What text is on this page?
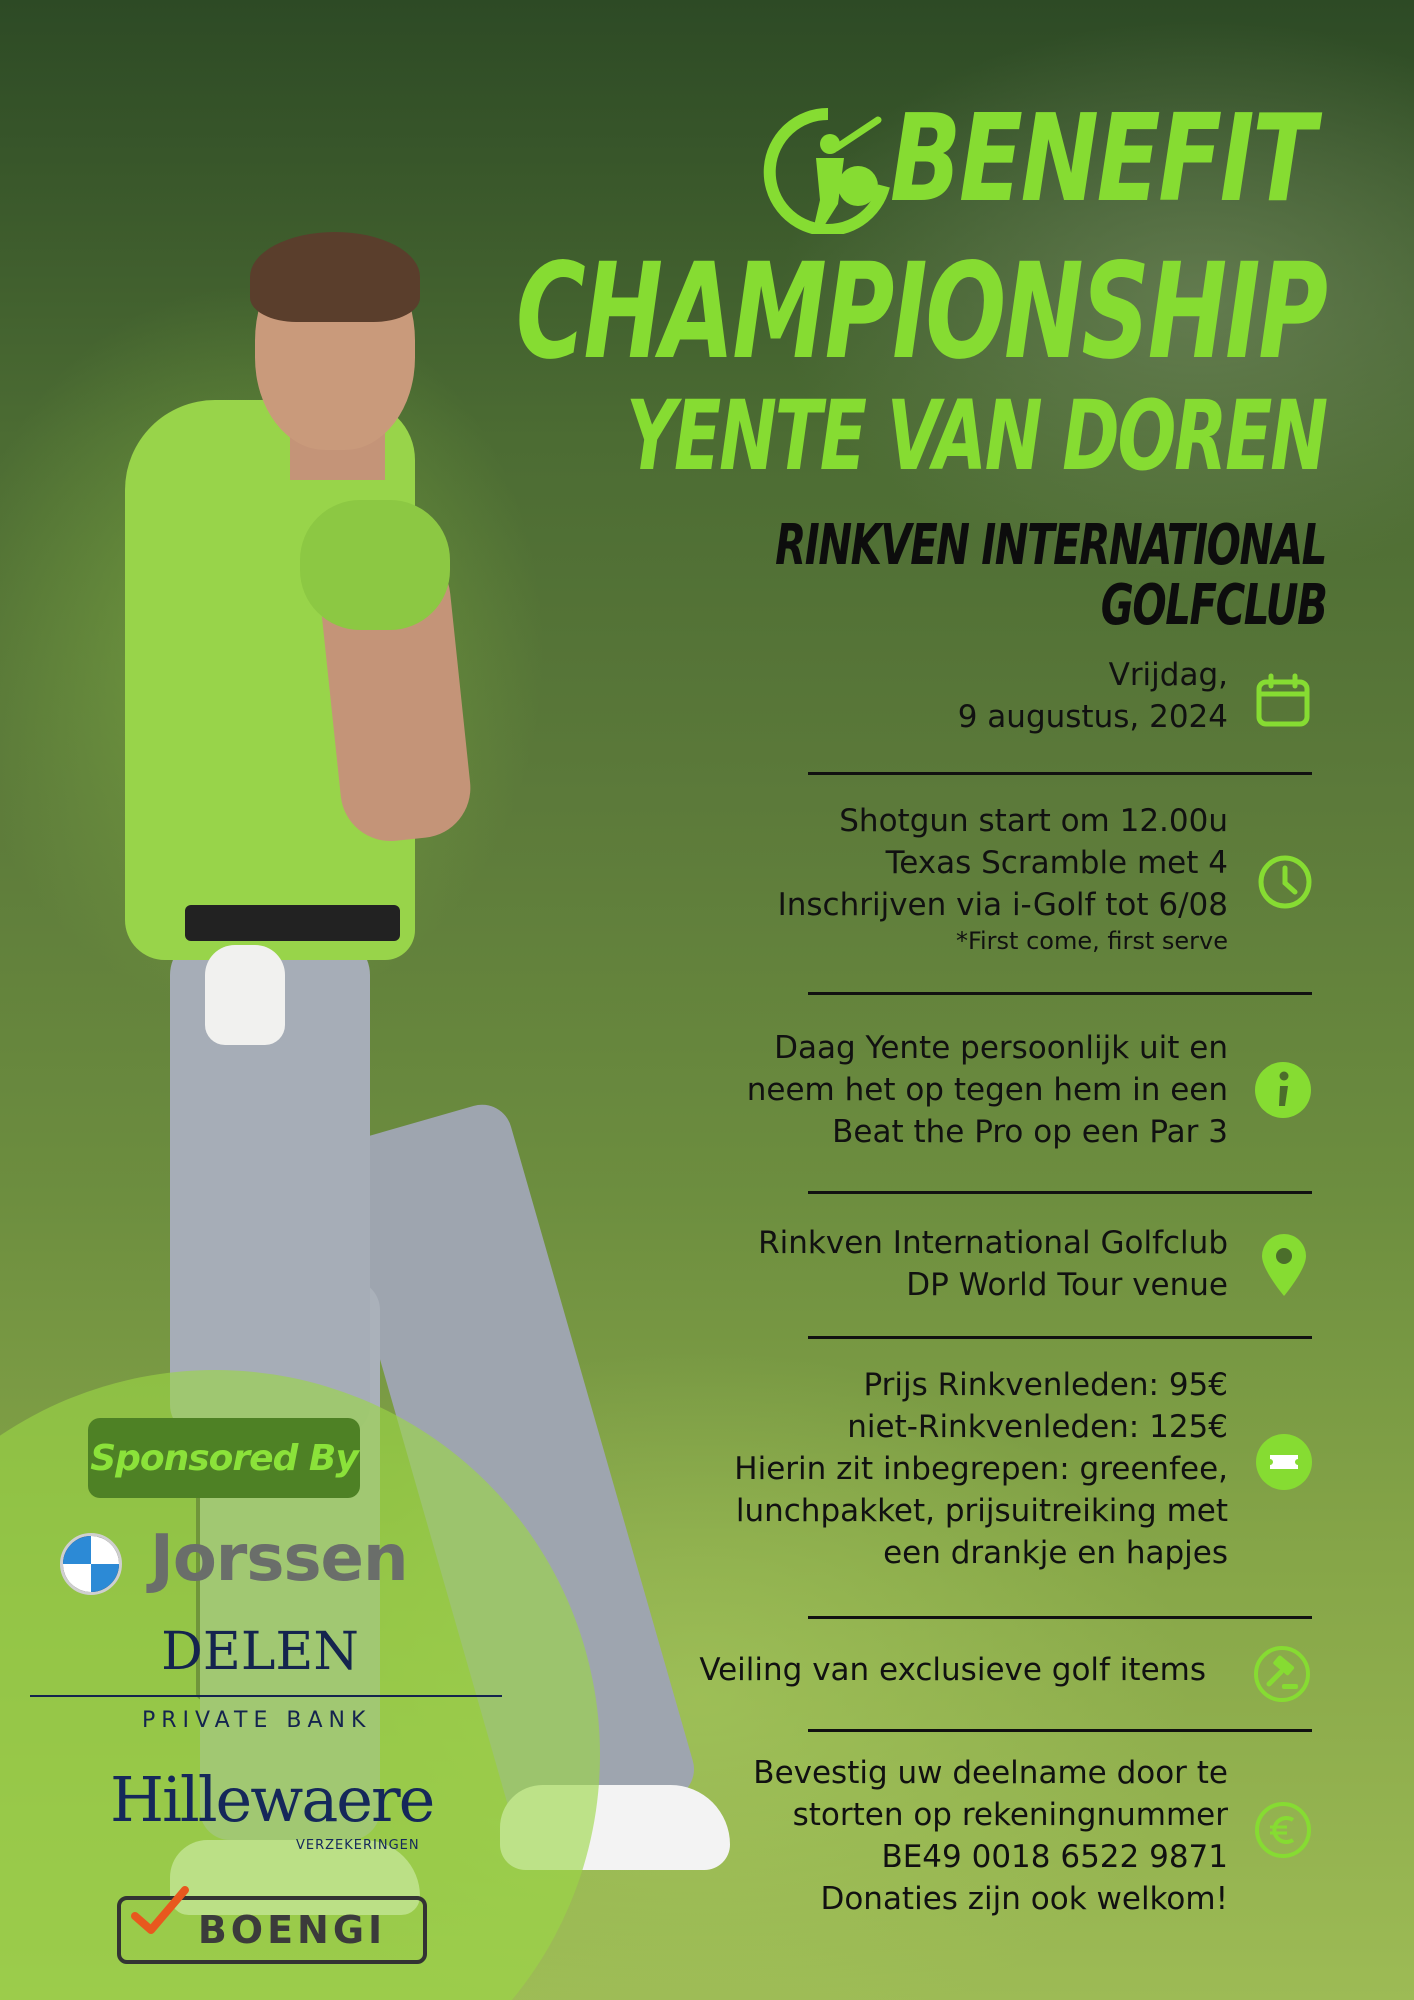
Sponsored By
Jorssen
DELEN
PRIVATE BANK
Hillewaere
VERZEKERINGEN
BOENGI
BENEFIT
CHAMPIONSHIP
YENTE VAN DOREN
RINKVEN INTERNATIONAL
GOLFCLUB
Vrijdag,
9 augustus, 2024
Shotgun start om 12.00u
Texas Scramble met 4
Inschrijven via i-Golf tot 6/08
*First come, first serve
Daag Yente persoonlijk uit en
neem het op tegen hem in een
Beat the Pro op een Par 3
Rinkven International Golfclub
DP World Tour venue
Prijs Rinkvenleden: 95€
niet-Rinkvenleden: 125€
Hierin zit inbegrepen: greenfee,
lunchpakket, prijsuitreiking met
een drankje en hapjes
Veiling van exclusieve golf items
Bevestig uw deelname door te
storten op rekeningnummer
BE49 0018 6522 9871
Donaties zijn ook welkom!
